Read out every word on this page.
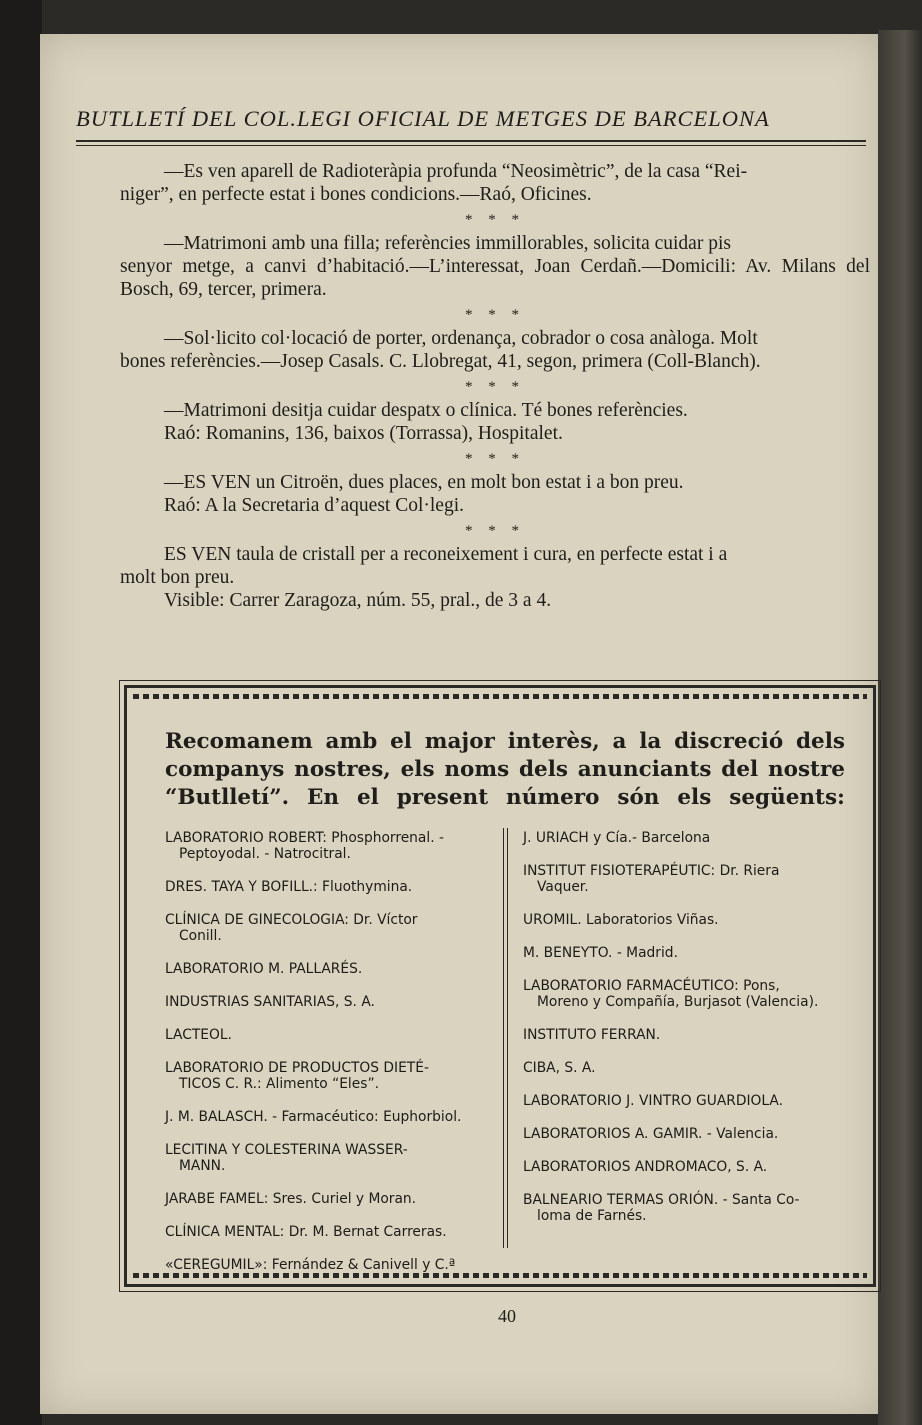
BUTLLETÍ DEL COL.LEGI OFICIAL DE METGES DE BARCELONA
—Es ven aparell de Radioteràpia profunda “Neosimètric”, de la casa “Rei-
niger”, en perfecte estat i bones condicions.—Raó, Oficines.
* * *
—Matrimoni amb una filla; referències immillorables, solicita cuidar pis
senyor metge, a canvi d’habitació.—L’interessat, Joan Cerdañ.—Domicili: Av. Milans del Bosch, 69, tercer, primera.
* * *
—Sol·licito col·locació de porter, ordenança, cobrador o cosa anàloga. Molt
bones referències.—Josep Casals. C. Llobregat, 41, segon, primera (Coll-Blanch).
* * *
—Matrimoni desitja cuidar despatx o clínica. Té bones referències.
Raó: Romanins, 136, baixos (Torrassa), Hospitalet.
* * *
—ES VEN un Citroën, dues places, en molt bon estat i a bon preu.
Raó: A la Secretaria d’aquest Col·legi.
* * *
ES VEN taula de cristall per a reconeixement i cura, en perfecte estat i a
molt bon preu.
Visible: Carrer Zaragoza, núm. 55, pral., de 3 a 4.
Recomanem amb el major interès, a la discreció dels companys nostres, els noms dels anunciants del nostre “Butlletí”. En el present número són els següents:
LABORATORIO ROBERT: Phosphorrenal. -
Peptoyodal. - Natrocitral.
DRES. TAYA Y BOFILL.: Fluothymina.
CLÍNICA DE GINECOLOGIA: Dr. Víctor
Conill.
LABORATORIO M. PALLARÉS.
INDUSTRIAS SANITARIAS, S. A.
LACTEOL.
LABORATORIO DE PRODUCTOS DIETÉ-
TICOS C. R.: Alimento “Eles”.
J. M. BALASCH. - Farmacéutico: Euphorbiol.
LECITINA Y COLESTERINA WASSER-
MANN.
JARABE FAMEL: Sres. Curiel y Moran.
CLÍNICA MENTAL: Dr. M. Bernat Carreras.
«CEREGUMIL»: Fernández & Canivell y C.ª
J. URIACH y Cía.- Barcelona
INSTITUT FISIOTERAPÉUTIC: Dr. Riera
Vaquer.
UROMIL. Laboratorios Viñas.
M. BENEYTO. - Madrid.
LABORATORIO FARMACÉUTICO: Pons,
Moreno y Compañía, Burjasot (Valencia).
INSTITUTO FERRAN.
CIBA, S. A.
LABORATORIO J. VINTRO GUARDIOLA.
LABORATORIOS A. GAMIR. - Valencia.
LABORATORIOS ANDROMACO, S. A.
BALNEARIO TERMAS ORIÓN. - Santa Co-
loma de Farnés.
40
